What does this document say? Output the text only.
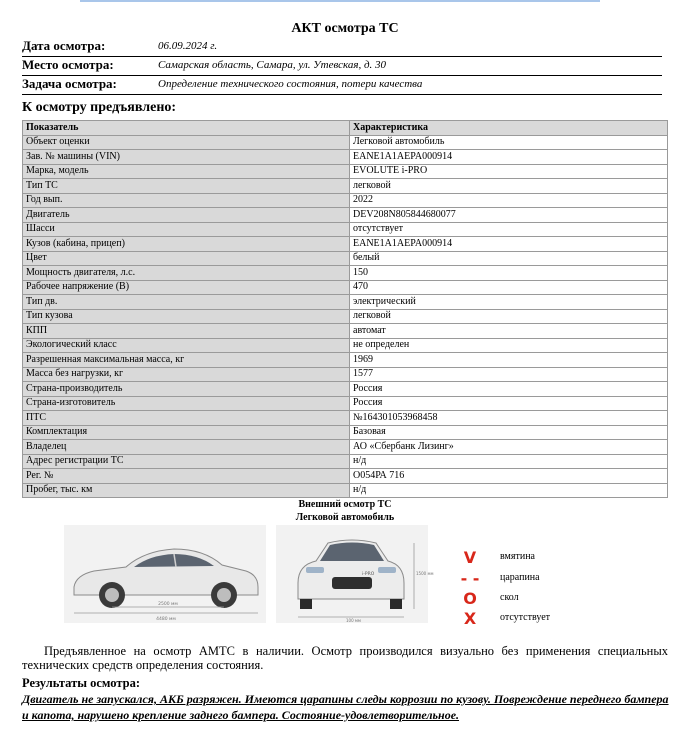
АКТ осмотра ТС
Дата осмотра:	06.09.2024 г.
Место осмотра:	Самарская область, Самара, ул. Утевская, д. 30
Задача осмотра:	Определение технического состояния, потери качества
К осмотру предъявлено:
Показатель	Характеристика
Объект оценки	Легковой автомобиль
Зав. № машины (VIN)	EANE1A1AEPA000914
Марка, модель	EVOLUTE i-PRO
Тип ТС	легковой
Год вып.	2022
Двигатель	DEV208N805844680077
Шасси	отсутствует
Кузов (кабина, прицеп)	EANE1A1AEPA000914
Цвет	белый
Мощность двигателя, л.с.	150
Рабочее напряжение (В)	470
Тип дв.	электрический
Тип кузова	легковой
КПП	автомат
Экологический класс	не определен
Разрешенная максимальная масса, кг	1969
Масса без нагрузки, кг	1577
Страна-производитель	Россия
Страна-изготовитель	Россия
ПТС	№164301053968458
Комплектация	Базовая
Владелец	АО «Сбербанк Лизинг»
Адрес регистрации ТС	н/д
Рег. №	О054РА 716
Пробег, тыс. км	н/д
Внешний осмотр ТС
Легковой автомобиль
2500 мм
4480 мм
i-PRO	1500 мм
100 мм
V	вмятина
- - царапина
O	скол
X	отсутствует
Предъявленное на осмотр АМТС в наличии. Осмотр производился визуально без применения специальных технических средств определения состояния.
Результаты осмотра:
Двигатель не запускался, АКБ разряжен. Имеются царапины следы коррозии по кузову. Повреждение переднего бампера и капота, нарушено крепление заднего бампера. Состояние-удовлетворительное.
